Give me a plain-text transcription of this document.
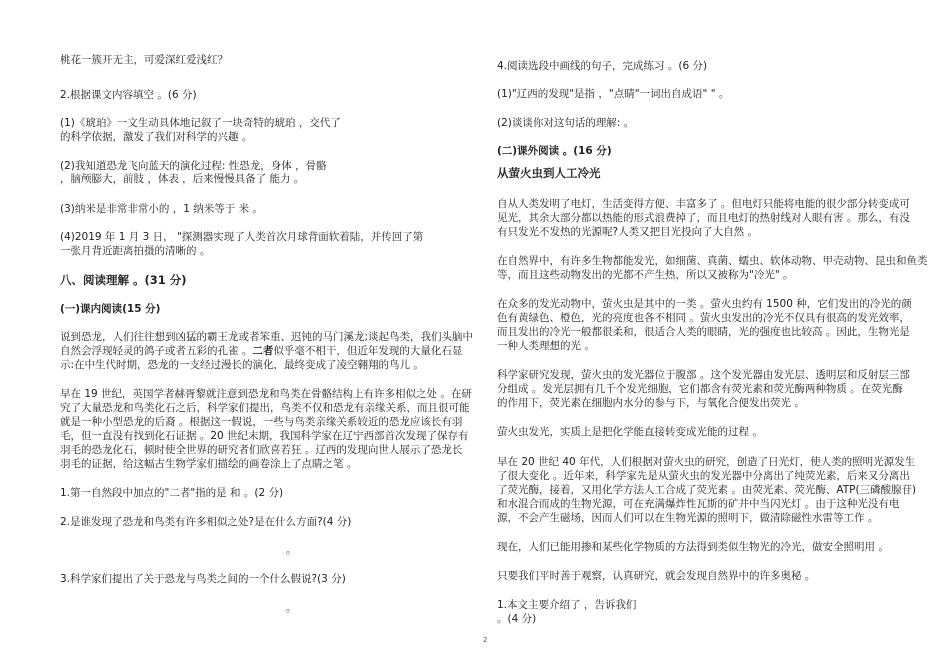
桃花一簇开无主，可爱深红爱浅红？
2.根据课文内容填空 。(6 分)
(1)《琥珀》一文生动具体地记叙了一块奇特的琥珀 ，交代了
的科学依据，激发了我们对科学的兴趣 。
(2)我知道恐龙飞向蓝天的演化过程: 性恐龙，身体 ，骨骼
，脑颅膨大，前肢 ，体表 ，后来慢慢具备了 能力 。
(3)纳米是非常非常小的 ，1 纳米等于 米 。
(4)2019 年 1 月 3 日， "探测器实现了人类首次月球背面软着陆，并传回了第
一张月背近距离拍摄的清晰的 。
八、阅读理解 。(31 分)
(一)课内阅读(15 分)
说到恐龙，人们往往想到凶猛的霸王龙或者笨重、迟钝的马门溪龙;谈起鸟类，我们头脑中
自然会浮现轻灵的鸽子或者五彩的孔雀 。二者似乎毫不相干，但近年发现的大量化石显
示:在中生代时期，恐龙的一支经过漫长的演化，最终变成了凌空翱翔的鸟儿 。
早在 19 世纪，英国学者赫胥黎就注意到恐龙和鸟类在骨骼结构上有许多相似之处 。在研
究了大量恐龙和鸟类化石之后，科学家们提出，鸟类不仅和恐龙有亲缘关系，而且很可能
就是一种小型恐龙的后裔 。根据这一假说，一些与鸟类亲缘关系较近的恐龙应该长有羽
毛，但一直没有找到化石证据 。20 世纪末期，我国科学家在辽宁西部首次发现了保存有
羽毛的恐龙化石，顿时使全世界的研究者们欣喜若狂 。辽西的发现向世人展示了恐龙长
羽毛的证据，给这幅古生物学家们描绘的画卷涂上了点睛之笔 。
1.第一自然段中加点的"二者"指的是 和 。(2 分)
2.是谁发现了恐龙和鸟类有许多相似之处?是在什么方面?(4 分)
。
3.科学家们提出了关于恐龙与鸟类之间的一个什么假说?(3 分)
。
4.阅读选段中画线的句子，完成练习 。(6 分)
(1)"辽西的发现"是指 ，"点睛"一词出自成语" " 。
(2)谈谈你对这句话的理解: 。
(二)课外阅读 。(16 分)
从萤火虫到人工冷光
自从人类发明了电灯，生活变得方便、丰富多了 。但电灯只能将电能的很少部分转变成可
见光，其余大部分都以热能的形式浪费掉了，而且电灯的热射线对人眼有害 。那么，有没
有只发光不发热的光源呢?人类又把目光投向了大自然 。
在自然界中，有许多生物都能发光，如细菌、真菌、蠕虫、软体动物、甲壳动物、昆虫和鱼类
等，而且这些动物发出的光都不产生热，所以又被称为"冷光" 。
在众多的发光动物中，萤火虫是其中的一类 。萤火虫约有 1500 种，它们发出的冷光的颜
色有黄绿色、橙色，光的亮度也各不相同 。萤火虫发出的冷光不仅具有很高的发光效率，
而且发出的冷光一般都很柔和，很适合人类的眼睛，光的强度也比较高 。因此，生物光是
一种人类理想的光 。
科学家研究发现，萤火虫的发光器位于腹部 。这个发光器由发光层、透明层和反射层三部
分组成 。发光层拥有几千个发光细胞，它们都含有荧光素和荧光酶两种物质 。在荧光酶
的作用下，荧光素在细胞内水分的参与下，与氧化合便发出荧光 。
萤火虫发光，实质上是把化学能直接转变成光能的过程 。
早在 20 世纪 40 年代，人们根据对萤火虫的研究，创造了日光灯，使人类的照明光源发生
了很大变化 。近年来，科学家先是从萤火虫的发光器中分离出了纯荧光素，后来又分离出
了荧光酶，接着，又用化学方法人工合成了荧光素 。由荧光素、荧光酶、ATP(三磷酸腺苷)
和水混合而成的生物光源，可在充满爆炸性瓦斯的矿井中当闪光灯 。由于这种光没有电
源，不会产生磁场，因而人们可以在生物光源的照明下，做清除磁性水雷等工作 。
现在，人们已能用掺和某些化学物质的方法得到类似生物光的冷光，做安全照明用 。
只要我们平时善于观察，认真研究，就会发现自然界中的许多奥秘 。
1.本文主要介绍了 ，告诉我们
。(4 分)
2
